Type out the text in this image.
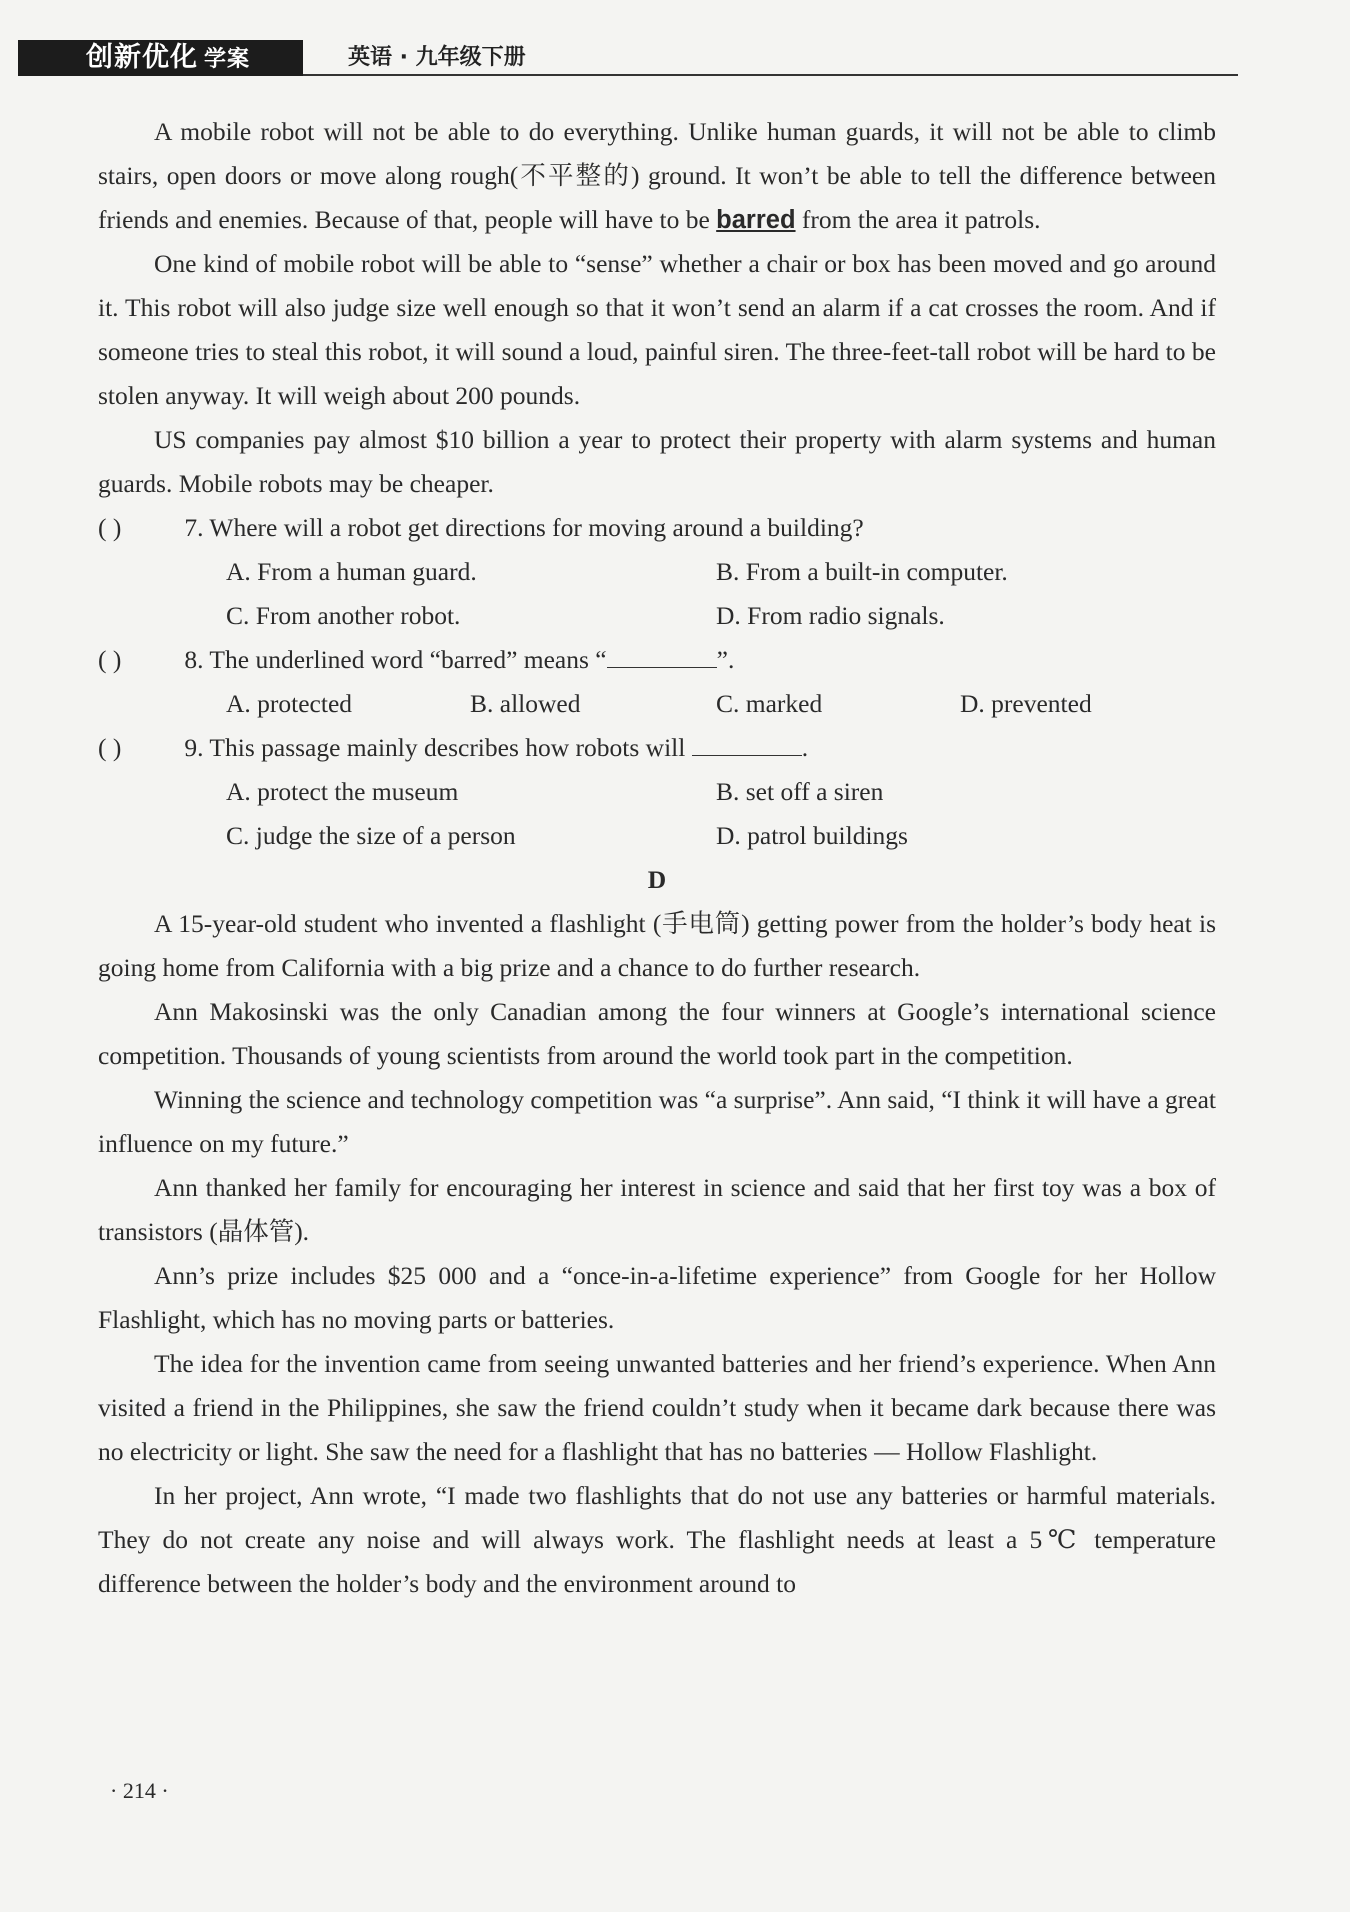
创新优化 学案	英语 · 九年级下册

A mobile robot will not be able to do everything. Unlike human guards, it will not be able to climb stairs, open doors or move along rough(不平整的) ground. It won’t be able to tell the difference between friends and enemies. Because of that, people will have to be barred from the area it patrols.

One kind of mobile robot will be able to “sense” whether a chair or box has been moved and go around it. This robot will also judge size well enough so that it won’t send an alarm if a cat crosses the room. And if someone tries to steal this robot, it will sound a loud, painful siren. The three-feet-tall robot will be hard to be stolen anyway. It will weigh about 200 pounds.

US companies pay almost $10 billion a year to protect their property with alarm systems and human guards. Mobile robots may be cheaper.

( ) 7. Where will a robot get directions for moving around a building?
A. From a human guard.	B. From a built-in computer.
C. From another robot.	D. From radio signals.
( ) 8. The underlined word “barred” means “	”.
A. protected	B. allowed	C. marked	D. prevented
( ) 9. This passage mainly describes how robots will	.
A. protect the museum	B. set off a siren
C. judge the size of a person	D. patrol buildings
D

A 15-year-old student who invented a flashlight (手电筒) getting power from the holder’s body heat is going home from California with a big prize and a chance to do further research.

Ann Makosinski was the only Canadian among the four winners at Google’s international science competition. Thousands of young scientists from around the world took part in the competition.

Winning the science and technology competition was “a surprise”. Ann said, “I think it will have a great influence on my future.”

Ann thanked her family for encouraging her interest in science and said that her first toy was a box of transistors (晶体管).

Ann’s prize includes $25 000 and a “once-in-a-lifetime experience” from Google for her Hollow Flashlight, which has no moving parts or batteries.

The idea for the invention came from seeing unwanted batteries and her friend’s experience. When Ann visited a friend in the Philippines, she saw the friend couldn’t study when it became dark because there was no electricity or light. She saw the need for a flashlight that has no batteries — Hollow Flashlight.

In her project, Ann wrote, “I made two flashlights that do not use any batteries or harmful materials. They do not create any noise and will always work. The flashlight needs at least a 5℃ temperature difference between the holder’s body and the environment around to

· 214 ·
